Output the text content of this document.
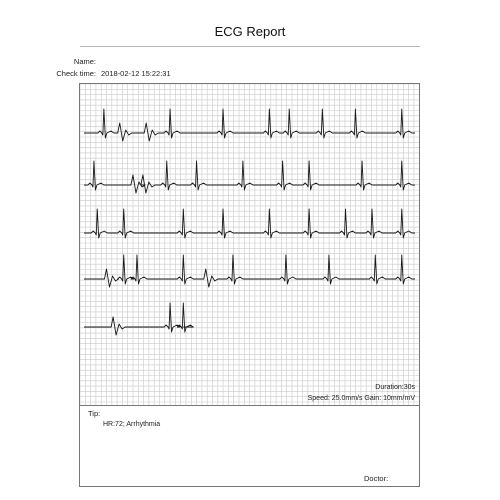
ECG Report
Name:
Check time: 2018-02-12 15:22:31
Duration:30s
Speed: 25.0mm/s Gain: 10mm/mV
Tip:
HR:72; Arrhythmia
Doctor:
